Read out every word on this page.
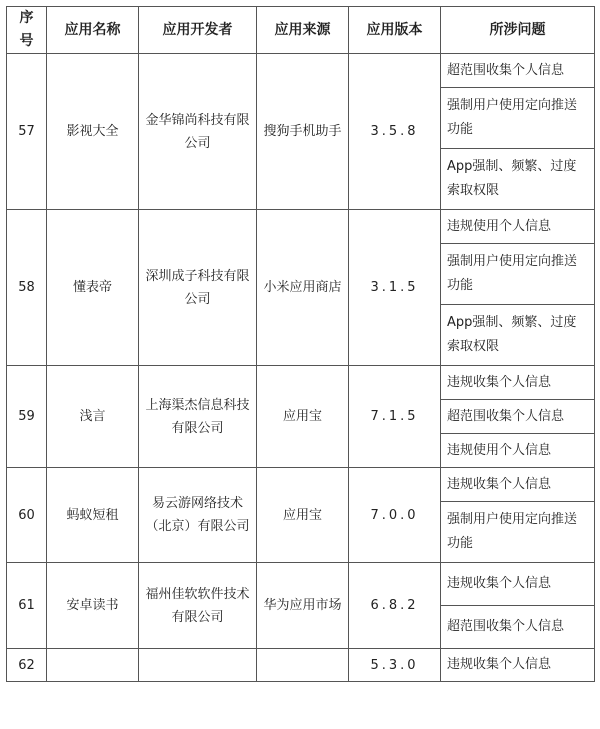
序号	应用名称	应用开发者	应用来源	应用版本	所涉问题
57	影视大全	金华锦尚科技有限公司	搜狗手机助手	3.5.8	超范围收集个人信息
					强制用户使用定向推送功能
					App强制、频繁、过度索取权限
58	懂表帝	深圳成子科技有限公司	小米应用商店	3.1.5	违规使用个人信息
					强制用户使用定向推送功能
					App强制、频繁、过度索取权限
59	浅言	上海渠杰信息科技有限公司	应用宝	7.1.5	违规收集个人信息
					超范围收集个人信息
					违规使用个人信息
60	蚂蚁短租	易云游网络技术（北京）有限公司	应用宝	7.0.0	违规收集个人信息
					强制用户使用定向推送功能
61	安卓读书	福州佳软软件技术有限公司	华为应用市场	6.8.2	违规收集个人信息
					超范围收集个人信息
62				5.3.0	违规收集个人信息
